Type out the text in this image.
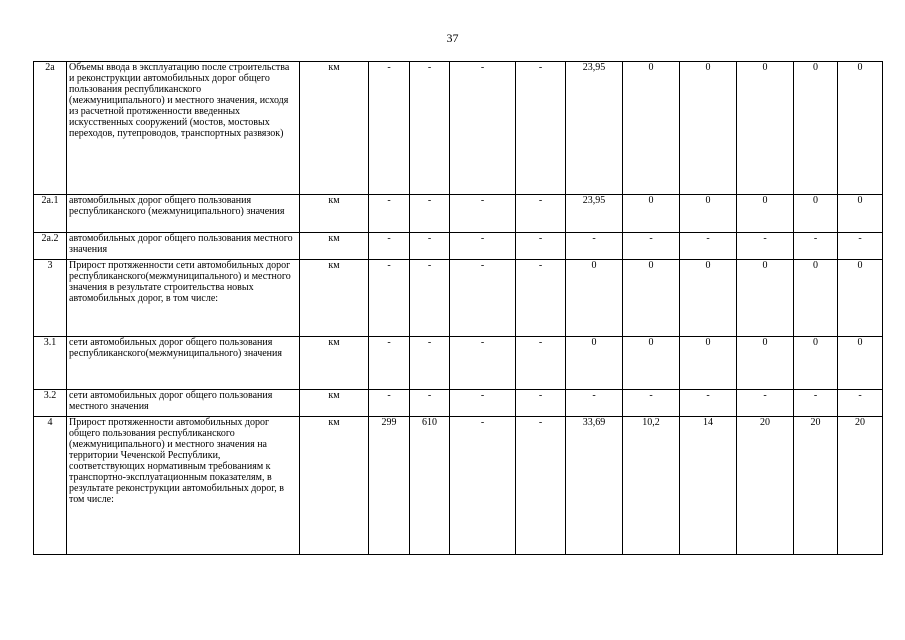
37
2а	Объемы ввода в эксплуатацию после строительства и реконструкции автомобильных дорог общего пользования республиканского (межмуниципального) и местного значения, исходя из расчетной протяженности введенных искусственных сооружений (мостов, мостовых переходов, путепроводов, транспортных развязок)	км	-	-	-	-	23,95	0	0	0	0	0
2а.1	автомобильных дорог общего пользования республиканского (межмуниципального) значения	км	-	-	-	-	23,95	0	0	0	0	0
2а.2	автомобильных дорог общего пользования местного значения	км	-	-	-	-	-	-	-	-	-	-
3	Прирост протяженности сети автомобильных дорог республиканского(межмуниципального) и местного значения в результате строительства новых автомобильных дорог, в том числе:	км	-	-	-	-	0	0	0	0	0	0
3.1	сети автомобильных дорог общего пользования республиканского(межмуниципального) значения	км	-	-	-	-	0	0	0	0	0	0
3.2	сети автомобильных дорог общего пользования местного значения	км	-	-	-	-	-	-	-	-	-	-
4	Прирост протяженности автомобильных дорог общего пользования республиканского (межмуниципального) и местного значения на территории Чеченской Республики, соответствующих нормативным требованиям к транспортно-эксплуатационным показателям, в результате реконструкции автомобильных дорог, в том числе:	км	299	610	-	-	33,69	10,2	14	20	20	20
